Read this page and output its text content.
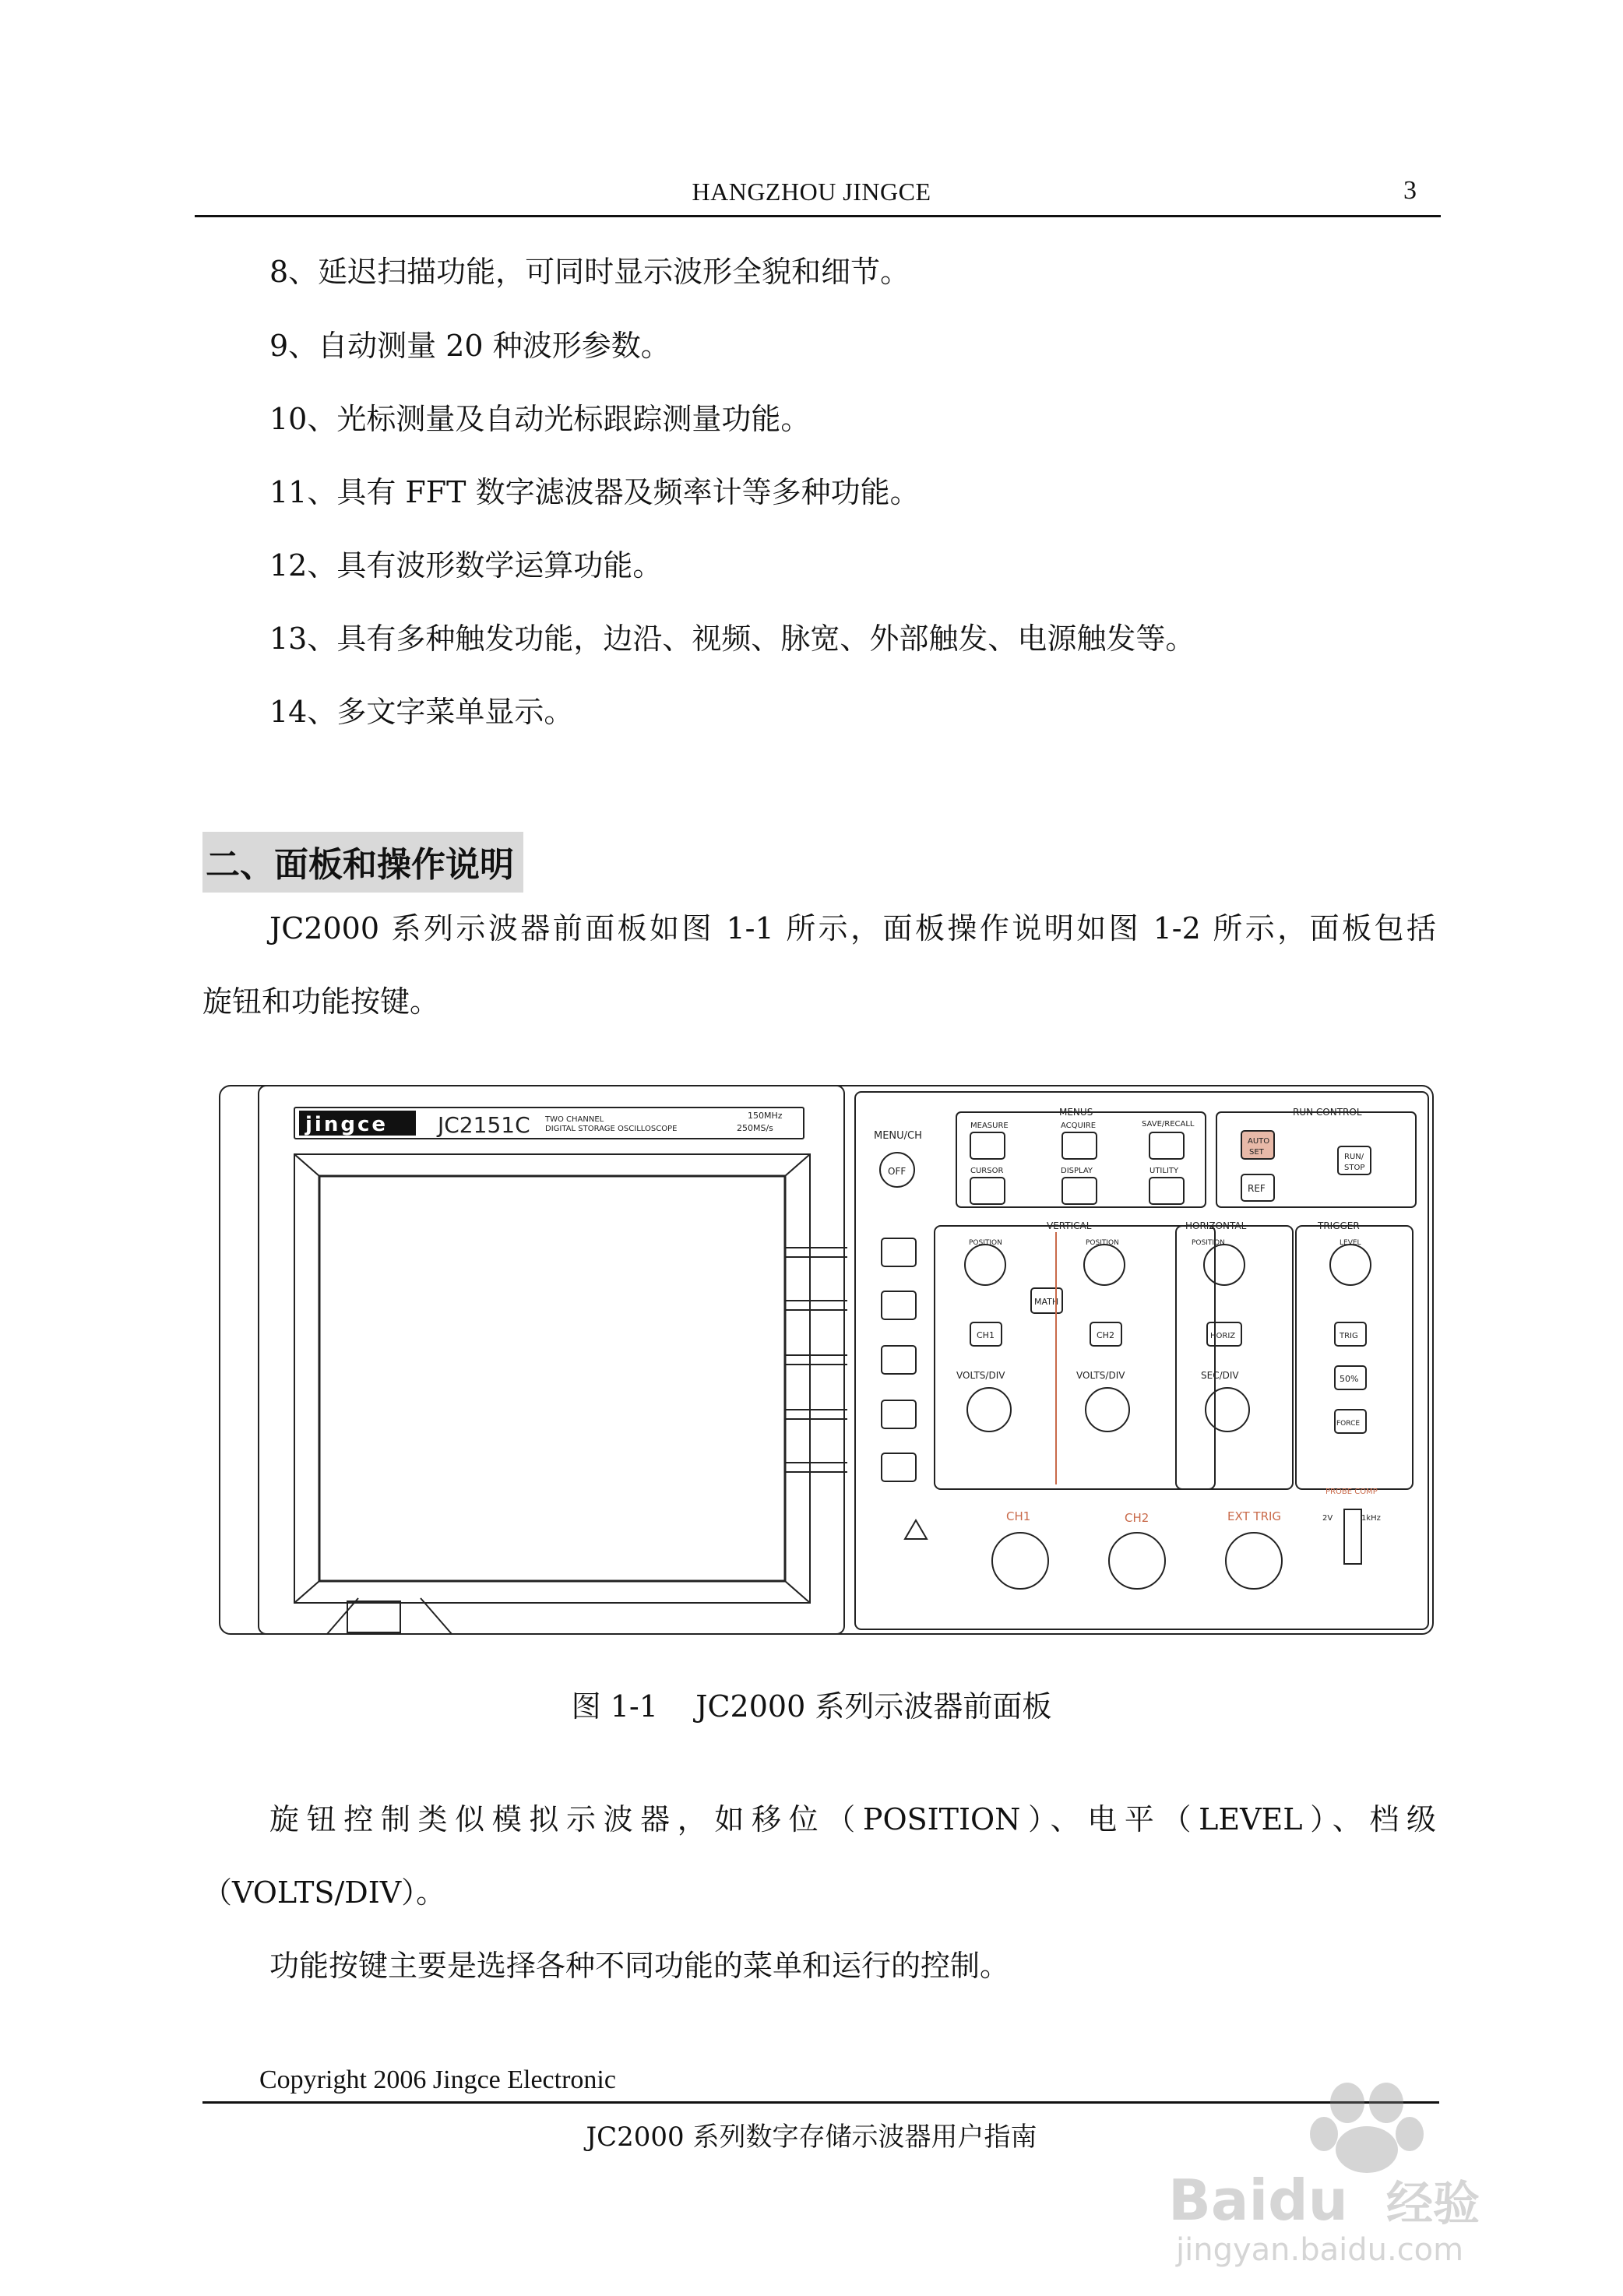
HANGZHOU JINGCE	3
8、延迟扫描功能，可同时显示波形全貌和细节。
9、自动测量 20 种波形参数。
10、光标测量及自动光标跟踪测量功能。
11、具有 FFT 数字滤波器及频率计等多种功能。
12、具有波形数学运算功能。
13、具有多种触发功能，边沿、视频、脉宽、外部触发、电源触发等。
14、多文字菜单显示。
二、面板和操作说明
JC2000 系列示波器前面板如图 1-1 所示，面板操作说明如图 1-2 所示，面板包括
旋钮和功能按键。
jingce JC2151C TWO CHANNEL
DIGITAL STORAGE OSCILLOSCOPE
150MHz
250MS/s
MENU/CH
OFF
MENUS
MEASURE	ACQUIRE	SAVE/RECALL
CURSOR	DISPLAY	UTILITY
RUN CONTROL
AUTO
SET
RUN/
STOP
REF
VERTICAL
POSITION	POSITION
MATH
CH1	CH2
VOLTS/DIV	VOLTS/DIV
HORIZONTAL
POSITION
HORIZ
SEC/DIV
TRIGGER
LEVEL
TRIG
50%
FORCE
CH1	CH2	EXT TRIG
PROBE COMP
2V	1kHz
图 1-1    JC2000 系列示波器前面板
旋钮控制类似模拟示波器，如移位（POSITION）、电平（LEVEL）、档级
（VOLTS/DIV）。
功能按键主要是选择各种不同功能的菜单和运行的控制。
Copyright 2006 Jingce Electronic
JC2000 系列数字存储示波器用户指南
Baidu 经验
jingyan.baidu.com
